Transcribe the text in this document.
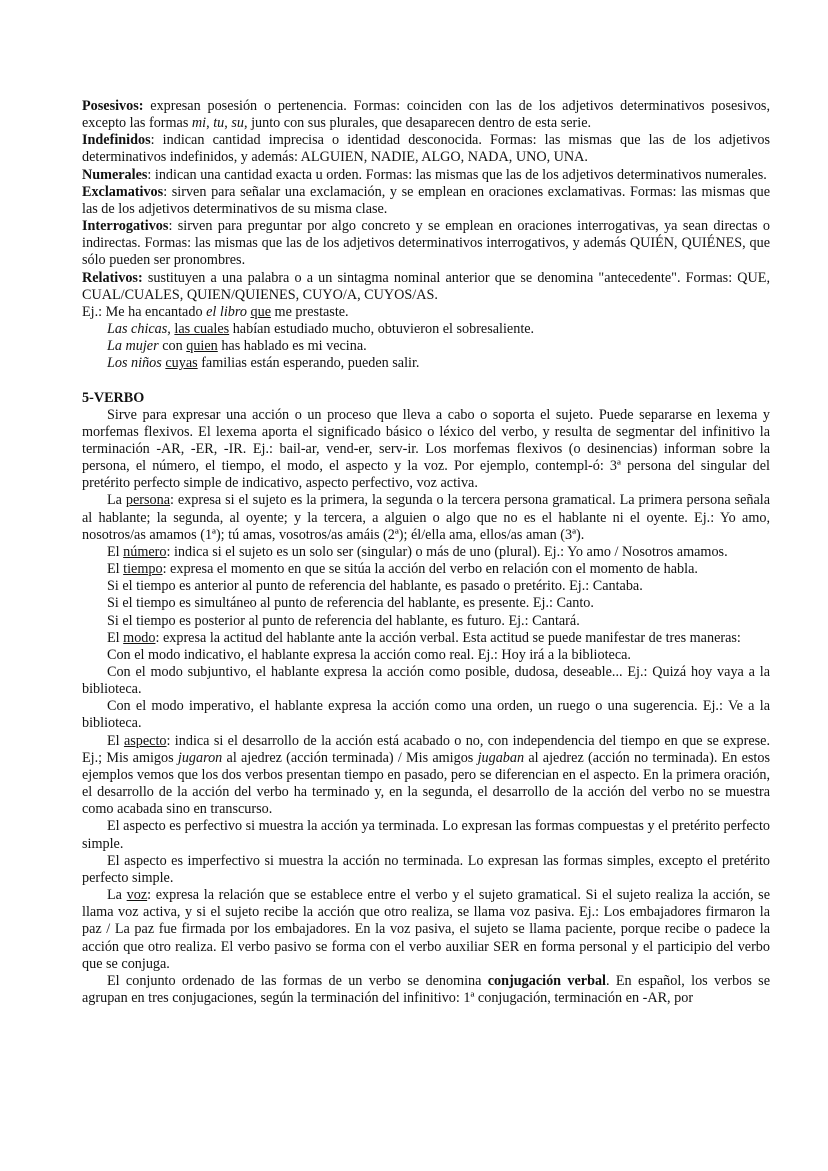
Posesivos: expresan posesión o pertenencia. Formas: coinciden con las de los adjetivos determinativos posesivos, excepto las formas mi, tu, su, junto con sus plurales, que desaparecen dentro de esta serie.

Indefinidos: indican cantidad imprecisa o identidad desconocida. Formas: las mismas que las de los adjetivos determinativos indefinidos, y además: ALGUIEN, NADIE, ALGO, NADA, UNO, UNA.

Numerales: indican una cantidad exacta u orden. Formas: las mismas que las de los adjetivos determinativos numerales.

Exclamativos: sirven para señalar una exclamación, y se emplean en oraciones exclamativas. Formas: las mismas que las de los adjetivos determinativos de su misma clase.

Interrogativos: sirven para preguntar por algo concreto y se emplean en oraciones interrogativas, ya sean directas o indirectas. Formas: las mismas que las de los adjetivos determinativos interrogativos, y además QUIÉN, QUIÉNES, que sólo pueden ser pronombres.

Relativos: sustituyen a una palabra o a un sintagma nominal anterior que se denomina "antecedente". Formas: QUE, CUAL/CUALES, QUIEN/QUIENES, CUYO/A, CUYOS/AS.

Ej.: Me ha encantado el libro que me prestaste.

Las chicas, las cuales habían estudiado mucho, obtuvieron el sobresaliente.

La mujer con quien has hablado es mi vecina.

Los niños cuyas familias están esperando, pueden salir.

5-VERBO

Sirve para expresar una acción o un proceso que lleva a cabo o soporta el sujeto. Puede separarse en lexema y morfemas flexivos. El lexema aporta el significado básico o léxico del verbo, y resulta de segmentar del infinitivo la terminación -AR, -ER, -IR. Ej.: bail-ar, vend-er, serv-ir. Los morfemas flexivos (o desinencias) informan sobre la persona, el número, el tiempo, el modo, el aspecto y la voz. Por ejemplo, contempl-ó: 3ª persona del singular del pretérito perfecto simple de indicativo, aspecto perfectivo, voz activa.

La persona: expresa si el sujeto es la primera, la segunda o la tercera persona gramatical. La primera persona señala al hablante; la segunda, al oyente; y la tercera, a alguien o algo que no es el hablante ni el oyente. Ej.: Yo amo, nosotros/as amamos (1ª); tú amas, vosotros/as amáis (2ª); él/ella ama, ellos/as aman (3ª).

El número: indica si el sujeto es un solo ser (singular) o más de uno (plural). Ej.: Yo amo / Nosotros amamos.

El tiempo: expresa el momento en que se sitúa la acción del verbo en relación con el momento de habla.

Si el tiempo es anterior al punto de referencia del hablante, es pasado o pretérito. Ej.: Cantaba.

Si el tiempo es simultáneo al punto de referencia del hablante, es presente. Ej.: Canto.

Si el tiempo es posterior al punto de referencia del hablante, es futuro. Ej.: Cantará.

El modo: expresa la actitud del hablante ante la acción verbal. Esta actitud se puede manifestar de tres maneras:

Con el modo indicativo, el hablante expresa la acción como real. Ej.: Hoy irá a la biblioteca.

Con el modo subjuntivo, el hablante expresa la acción como posible, dudosa, deseable... Ej.: Quizá hoy vaya a la biblioteca.

Con el modo imperativo, el hablante expresa la acción como una orden, un ruego o una sugerencia. Ej.: Ve a la biblioteca.

El aspecto: indica si el desarrollo de la acción está acabado o no, con independencia del tiempo en que se exprese. Ej.; Mis amigos jugaron al ajedrez (acción terminada) / Mis amigos jugaban al ajedrez (acción no terminada). En estos ejemplos vemos que los dos verbos presentan tiempo en pasado, pero se diferencian en el aspecto. En la primera oración, el desarrollo de la acción del verbo ha terminado y, en la segunda, el desarrollo de la acción del verbo no se muestra como acabada sino en transcurso.

El aspecto es perfectivo si muestra la acción ya terminada. Lo expresan las formas compuestas y el pretérito perfecto simple.

El aspecto es imperfectivo si muestra la acción no terminada. Lo expresan las formas simples, excepto el pretérito perfecto simple.

La voz: expresa la relación que se establece entre el verbo y el sujeto gramatical. Si el sujeto realiza la acción, se llama voz activa, y si el sujeto recibe la acción que otro realiza, se llama voz pasiva. Ej.: Los embajadores firmaron la paz / La paz fue firmada por los embajadores. En la voz pasiva, el sujeto se llama paciente, porque recibe o padece la acción que otro realiza. El verbo pasivo se forma con el verbo auxiliar SER en forma personal y el participio del verbo que se conjuga.

El conjunto ordenado de las formas de un verbo se denomina conjugación verbal. En español, los verbos se agrupan en tres conjugaciones, según la terminación del infinitivo: 1ª conjugación, terminación en -AR, por
